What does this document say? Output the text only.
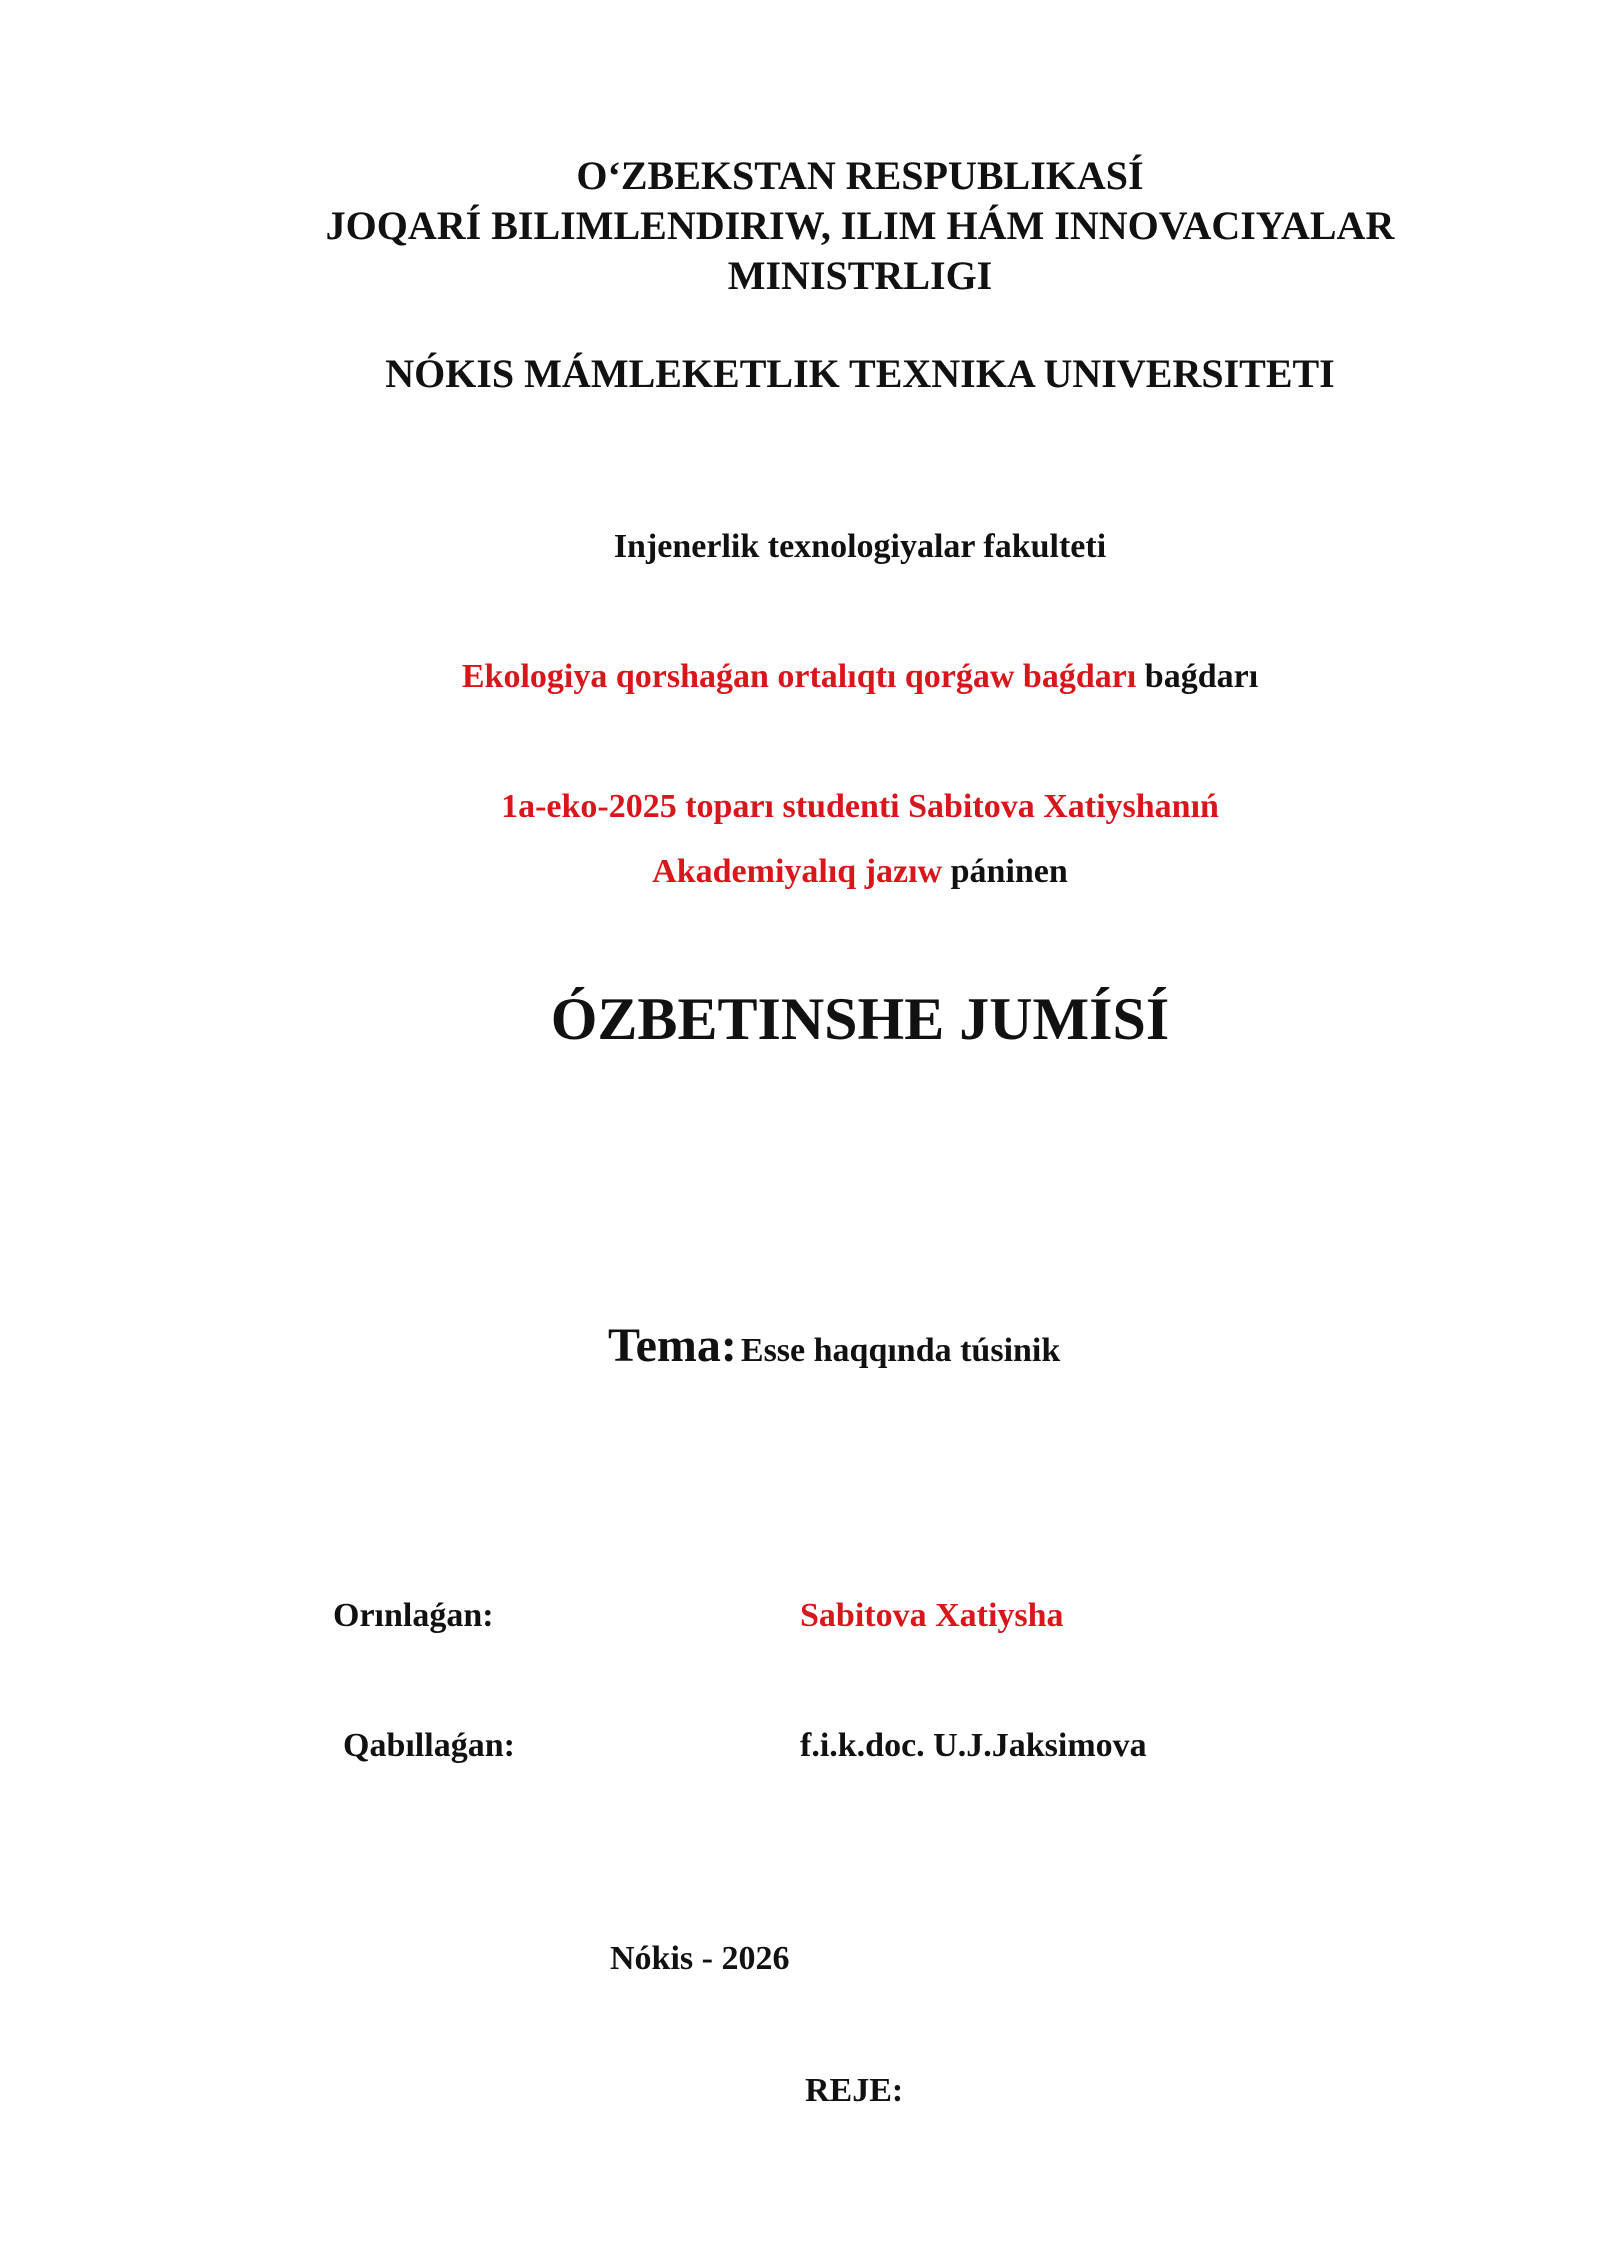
O‘ZBEKSTAN RESPUBLIKASÍ
JOQARÍ BILIMLENDIRIW, ILIM HÁM INNOVACIYALAR
MINISTRLIGI
NÓKIS MÁMLEKETLIK TEXNIKA UNIVERSITETI
Injenerlik texnologiyalar fakulteti
Ekologiya qorshaǵan ortalıqtı qorǵaw baǵdarı baǵdarı
1a-eko-2025 toparı studenti Sabitova Xatiyshanıń
Akademiyalıq jazıw páninen
ÓZBETINSHE JUMÍSÍ
Tema: Esse haqqında túsinik
Orınlaǵan:	Sabitova Xatiyshа
Qabıllaǵan:	f.i.k.doc. U.J.Jaksimova
Nókis - 2026
REJE:
